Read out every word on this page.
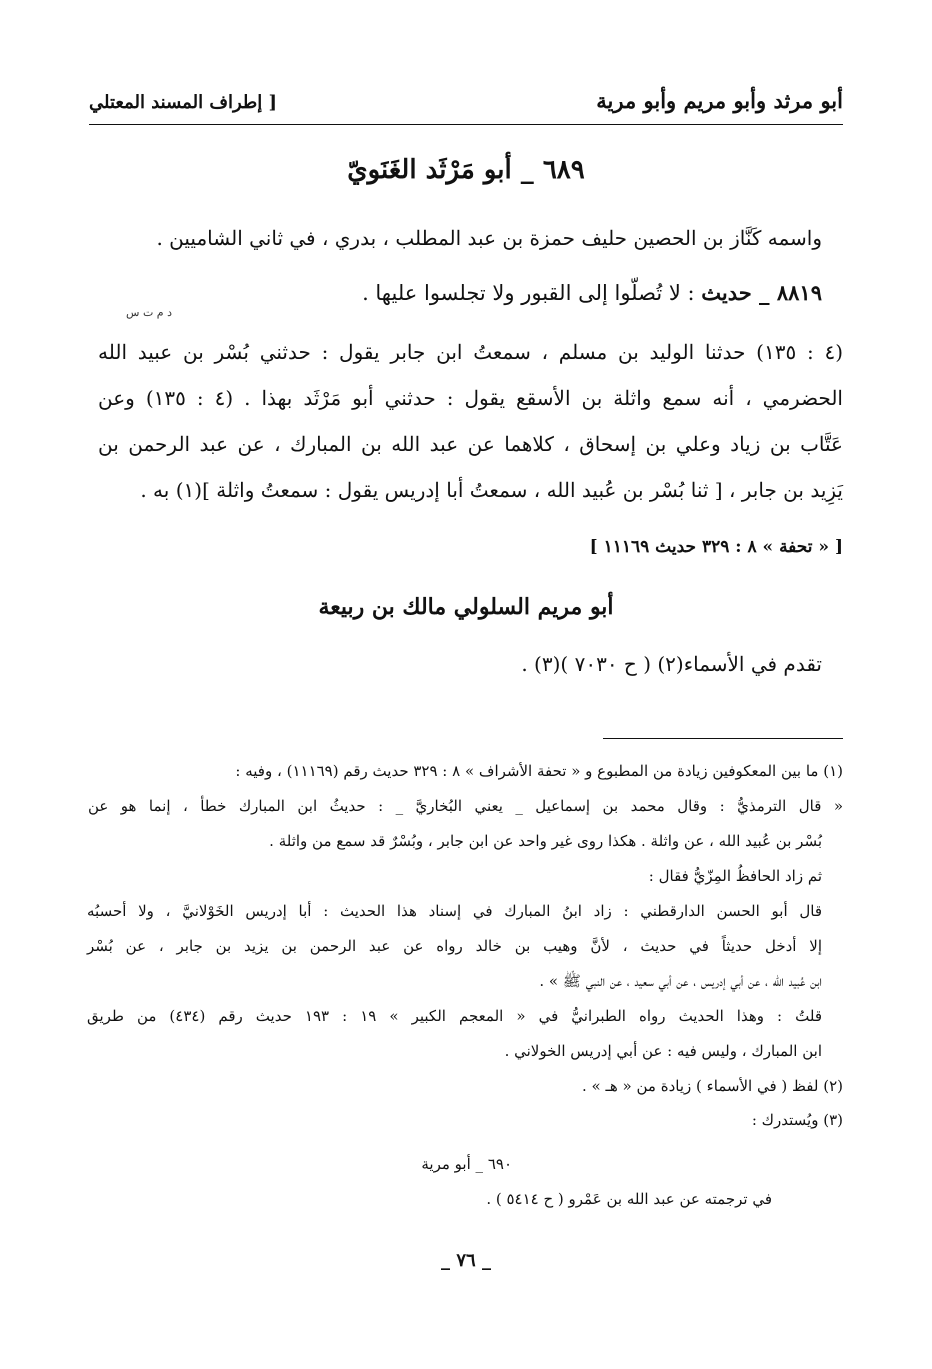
أبو مرثد وأبو مريم وأبو مرية
[ إطراف المسند المعتلي
٦٨٩ _ أبو مَرْثَد الغَنَويّ
واسمه كَنَّاز بن الحصين حليف حمزة بن عبد المطلب ، بدري ، في ثاني الشاميين .
٨٨١٩ _ حديث : لا تُصلّوا إلى القبور ولا تجلسوا عليها .
د م ت س
(٤ : ١٣٥) حدثنا الوليد بن مسلم ، سمعتُ ابن جابر يقول : حدثني بُسْر بن عبيد الله
الحضرمي ، أنه سمع واثلة بن الأسقع يقول : حدثني أبو مَرْثَد بهذا . (٤ : ١٣٥) وعن
عَتَّاب بن زياد وعلي بن إسحاق ، كلاهما عن عبد الله بن المبارك ، عن عبد الرحمن بن
يَزِيد بن جابر ، [ ثنا بُسْر بن عُبيد الله ، سمعتُ أبا إدريس يقول : سمعتُ واثلة ](١) به .
[ « تحفة » ٨ : ٣٢٩ حديث ١١١٦٩ ]
أبو مريم السلولي مالك بن ربيعة
تقدم في الأسماء(٢) ( ح ٧٠٣٠ )(٣) .
(١) ما بين المعكوفين زيادة من المطبوع و « تحفة الأشراف » ٨ : ٣٢٩ حديث رقم (١١١٦٩) ، وفيه :
« قال الترمذيُّ : وقال محمد بن إسماعيل _ يعني البُخاريَّ _ : حديثُ ابن المبارك خطأ ، إنما هو عن
بُسْر بن عُبيد الله ، عن واثلة . هكذا روى غير واحد عن ابن جابر ، وبُسْرٌ قد سمع من واثلة .
ثم زاد الحافظُ المِزّيُّ فقال :
قال أبو الحسن الدارقطني : زاد ابنُ المبارك في إسناد هذا الحديث : أبا إدريس الخَوْلانيَّ ، ولا أحسبُه
إلا أدخل حديثاً في حديث ، لأنَّ وهيب بن خالد رواه عن عبد الرحمن بن يزيد بن جابر ، عن بُسْر
ابن عُبيد الله ، عن أبي إدريس ، عن أبي سعيد ، عن النبي ﷺ » .
قلتُ : وهذا الحديث رواه الطبرانيُّ في « المعجم الكبير » ١٩ : ١٩٣ حديث رقم (٤٣٤) من طريق
ابن المبارك ، وليس فيه : عن أبي إدريس الخولاني .
(٢) لفظ ( في الأسماء ) زيادة من « هـ » .
(٣) ويُستدرك :
٦٩٠ _ أبو مرية
في ترجمته عن عبد الله بن عَمْرو ( ح ٥٤١٤ ) .
_ ٧٦ _
